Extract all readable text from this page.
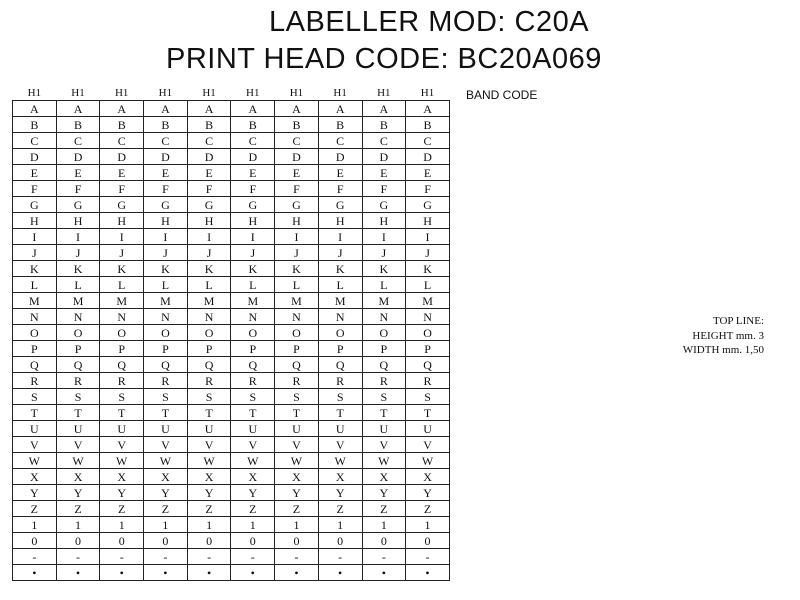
LABELLER MOD: C20A
PRINT HEAD CODE: BC20A069
H1	H1	H1	H1	H1	H1	H1	H1	H1	H1
A	A	A	A	A	A	A	A	A	A
B	B	B	B	B	B	B	B	B	B
C	C	C	C	C	C	C	C	C	C
D	D	D	D	D	D	D	D	D	D
E	E	E	E	E	E	E	E	E	E
F	F	F	F	F	F	F	F	F	F
G	G	G	G	G	G	G	G	G	G
H	H	H	H	H	H	H	H	H	H
I	I	I	I	I	I	I	I	I	I
J	J	J	J	J	J	J	J	J	J
K	K	K	K	K	K	K	K	K	K
L	L	L	L	L	L	L	L	L	L
M	M	M	M	M	M	M	M	M	M
N	N	N	N	N	N	N	N	N	N
O	O	O	O	O	O	O	O	O	O
P	P	P	P	P	P	P	P	P	P
Q	Q	Q	Q	Q	Q	Q	Q	Q	Q
R	R	R	R	R	R	R	R	R	R
S	S	S	S	S	S	S	S	S	S
T	T	T	T	T	T	T	T	T	T
U	U	U	U	U	U	U	U	U	U
V	V	V	V	V	V	V	V	V	V
W	W	W	W	W	W	W	W	W	W
X	X	X	X	X	X	X	X	X	X
Y	Y	Y	Y	Y	Y	Y	Y	Y	Y
Z	Z	Z	Z	Z	Z	Z	Z	Z	Z
1	1	1	1	1	1	1	1	1	1
0	0	0	0	0	0	0	0	0	0
-	-	-	-	-	-	-	-	-	-
•	•	•	•	•	•	•	•	•	•
BAND CODE
TOP LINE:
HEIGHT mm. 3
WIDTH mm. 1,50
